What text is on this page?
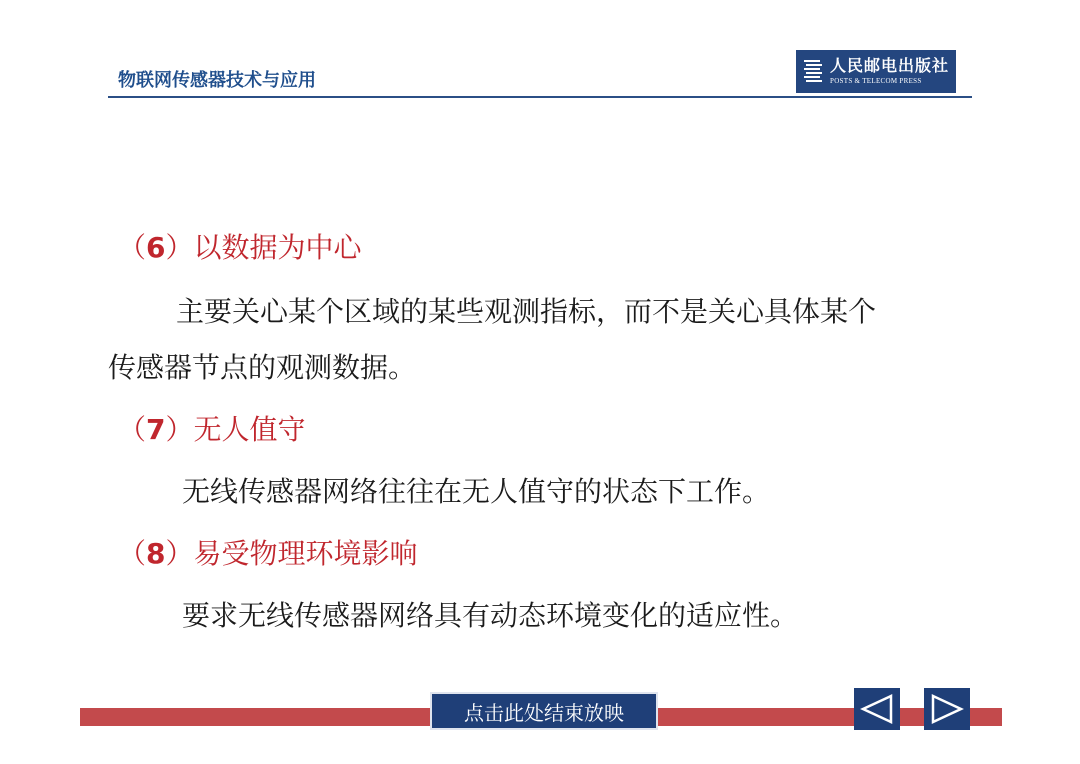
物联网传感器技术与应用
人民邮电出版社
POSTS & TELECOM PRESS
（6）以数据为中心
主要关心某个区域的某些观测指标，而不是关心具体某个
传感器节点的观测数据。
（7）无人值守
无线传感器网络往往在无人值守的状态下工作。
（8）易受物理环境影响
要求无线传感器网络具有动态环境变化的适应性。
点击此处结束放映
